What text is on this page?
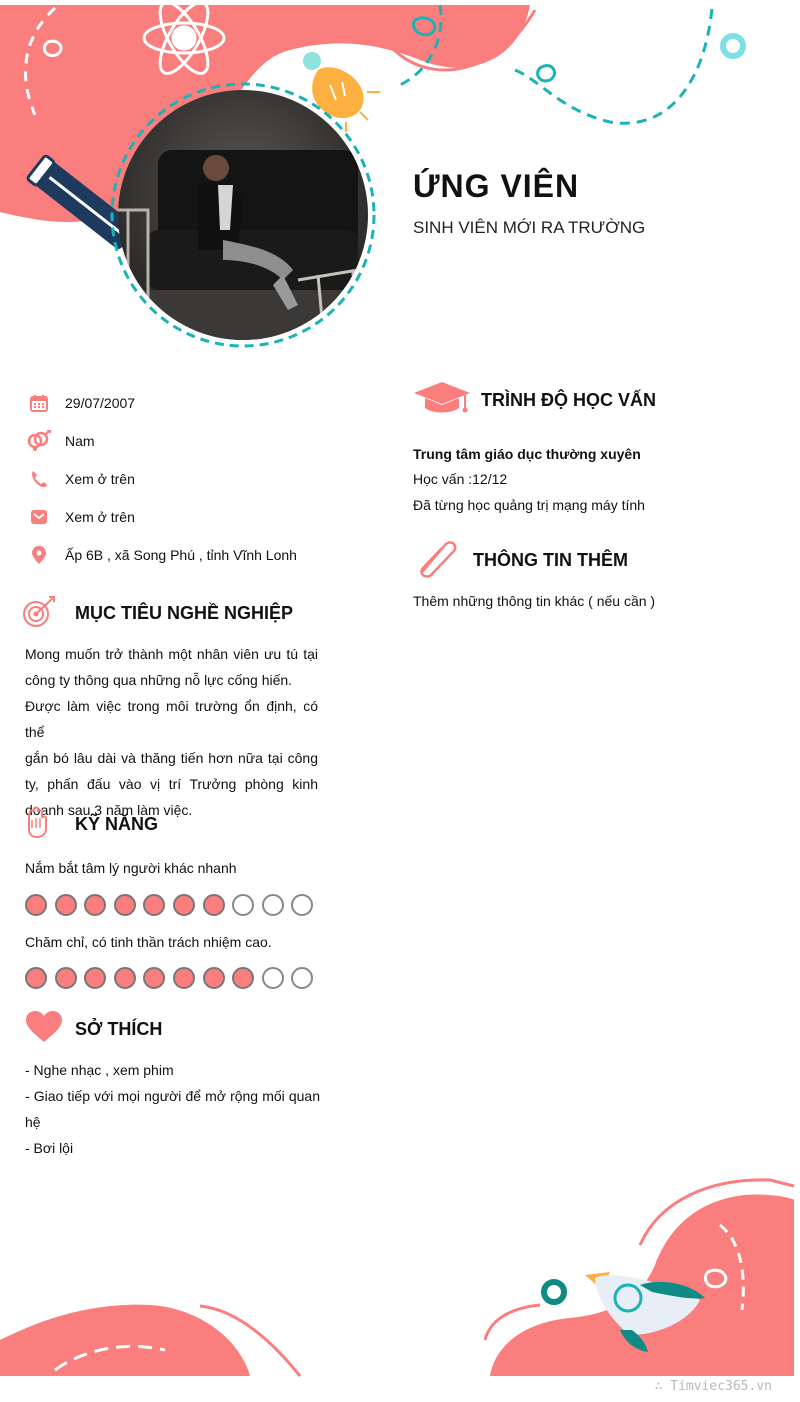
ỨNG VIÊN
SINH VIÊN MỚI RA TRƯỜNG
29/07/2007
Nam
Xem ở trên
Xem ở trên
Ấp 6B , xã Song Phú , tỉnh Vĩnh Lonh
MỤC TIÊU NGHỀ NGHIỆP
Mong muốn trở thành một nhân viên ưu tú tại
công ty thông qua những nỗ lực cống hiến.
Được làm việc trong môi trường ổn định, có thể
gắn bó lâu dài và thăng tiến hơn nữa tại công
ty, phấn đấu vào vị trí Trưởng phòng kinh
doanh sau 3 năm làm việc.
KỸ NĂNG
Nắm bắt tâm lý người khác nhanh
Chăm chỉ, có tinh thần trách nhiệm cao.
SỞ THÍCH
- Nghe nhạc , xem phim
- Giao tiếp với mọi người để mở rộng mối quan
hệ
- Bơi lội
TRÌNH ĐỘ HỌC VẤN
Trung tâm giáo dục thường xuyên
Học vấn :12/12
Đã từng học quảng trị mạng máy tính
THÔNG TIN THÊM
Thêm những thông tin khác ( nếu cần )
∴ Timviec365.vn
